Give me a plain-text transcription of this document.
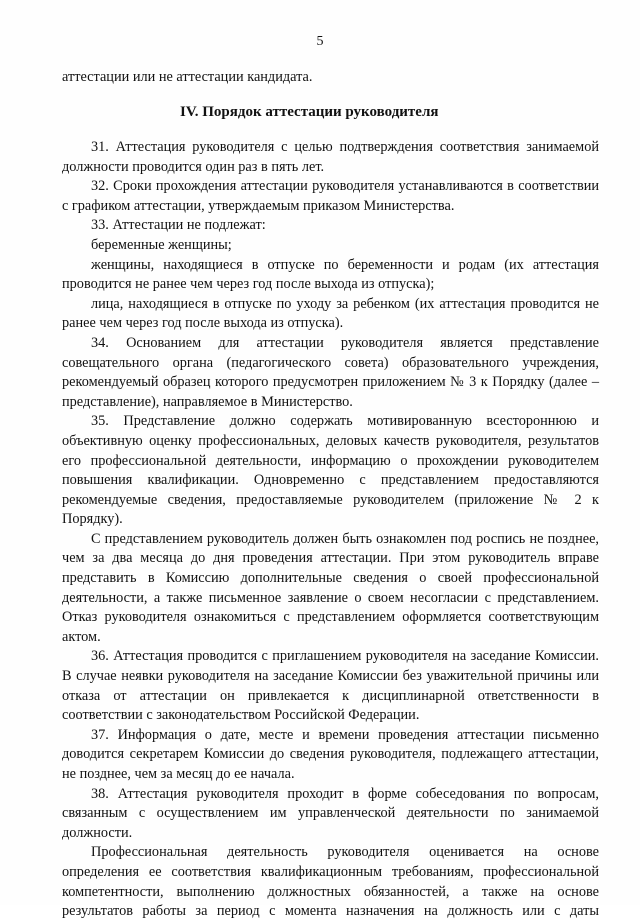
5
аттестации или не аттестации кандидата.
IV. Порядок аттестации руководителя

31. Аттестация руководителя с целью подтверждения соответствия занимаемой должности проводится один раз в пять лет.

32. Сроки прохождения аттестации руководителя устанавливаются в соответствии с графиком аттестации, утверждаемым приказом Министерства.

33. Аттестации не подлежат:

беременные женщины;

женщины, находящиеся в отпуске по беременности и родам (их аттестация проводится не ранее чем через год после выхода из отпуска);

лица, находящиеся в отпуске по уходу за ребенком (их аттестация проводится не ранее чем через год после выхода из отпуска).

34. Основанием для аттестации руководителя является представление совещательного органа (педагогического совета) образовательного учреждения, рекомендуемый образец которого предусмотрен приложением № 3 к Порядку (далее – представление), направляемое в Министерство.

35. Представление должно содержать мотивированную всестороннюю и объективную оценку профессиональных, деловых качеств руководителя, результатов его профессиональной деятельности, информацию о прохождении руководителем повышения квалификации. Одновременно с представлением предоставляются рекомендуемые сведения, предоставляемые руководителем (приложение № 2 к Порядку).

С представлением руководитель должен быть ознакомлен под роспись не позднее, чем за два месяца до дня проведения аттестации. При этом руководитель вправе представить в Комиссию дополнительные сведения о своей профессиональной деятельности, а также письменное заявление о своем несогласии с представлением. Отказ руководителя ознакомиться с представлением оформляется соответствующим актом.

36. Аттестация проводится с приглашением руководителя на заседание Комиссии. В случае неявки руководителя на заседание Комиссии без уважительной причины или отказа от аттестации он привлекается к дисциплинарной ответственности в соответствии с законодательством Российской Федерации.

37. Информация о дате, месте и времени проведения аттестации письменно доводится секретарем Комиссии до сведения руководителя, подлежащего аттестации, не позднее, чем за месяц до ее начала.

38. Аттестация руководителя проходит в форме собеседования по вопросам, связанным с осуществлением им управленческой деятельности по занимаемой должности.

Профессиональная деятельность руководителя оценивается на основе определения ее соответствия квалификационным требованиям, профессиональной компетентности, выполнению должностных обязанностей, а также на основе результатов работы за период с момента назначения на должность или с даты
